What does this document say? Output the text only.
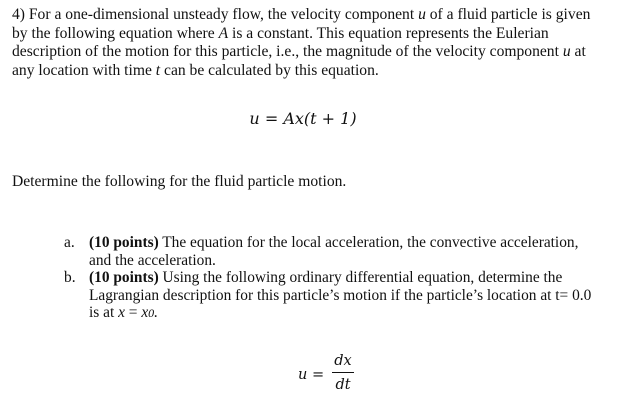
4) For a one-dimensional unsteady flow, the velocity component u of a fluid particle is given
by the following equation where A is a constant. This equation represents the Eulerian
description of the motion for this particle, i.e., the magnitude of the velocity component u at
any location with time t can be calculated by this equation.

u = Ax(t + 1)
Determine the following for the fluid particle motion.
a. (10 points) The equation for the local acceleration, the convective acceleration,
and the acceleration.
b. (10 points) Using the following ordinary differential equation, determine the
Lagrangian description for this particle’s motion if the particle’s location at t= 0.0
is at x = x0.
u =
dx
dt
